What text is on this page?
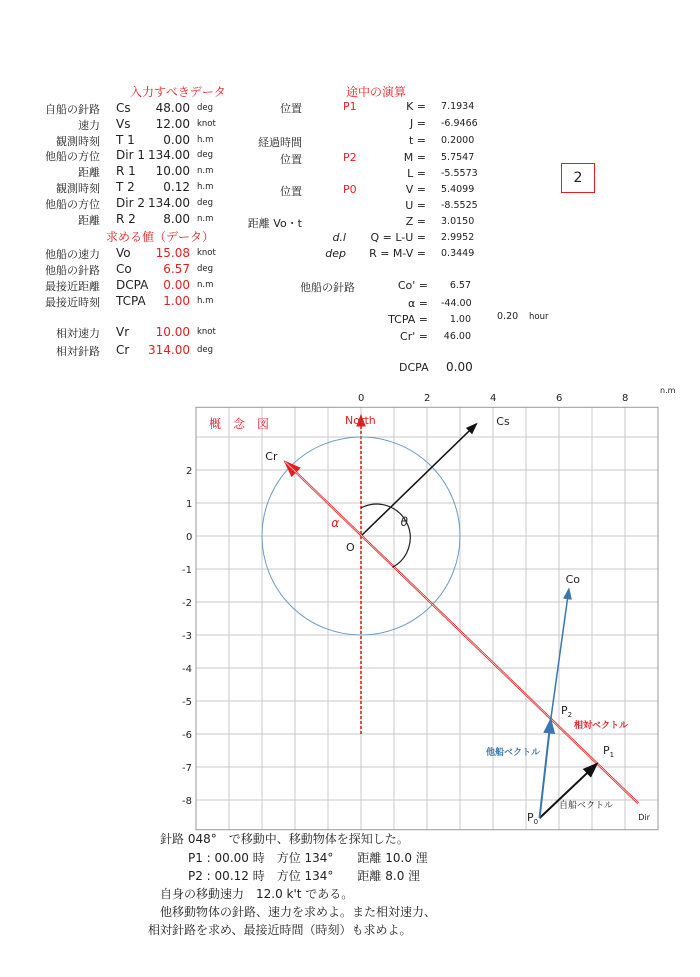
入力すべきデータ
自船の針路 Cs	48.00 deg
速力 Vs	12.00 knot
観測時刻 T 1	0.00 h.m
他船の方位 Dir 1 134.00 deg
距離 R 1	10.00 n.m
観測時刻 T 2	0.12 h.m
他船の方位 Dir 2 134.00 deg
距離 R 2	8.00 n.m
他船の速力 Vo	15.08 knot
他船の針路 Co	6.57 deg
最接近距離 DCPA	0.00 n.m
最接近時刻 TCPA	1.00 h.m
相対速力 Vr	10.00 knot
相対針路 Cr	314.00 deg
求める値（データ）
途中の演算
位置	P1	K = 7.1934
J = -6.9466
経過時間	t = 0.2000
位置	P2	M = 5.7547
L = -5.5573
位置	P0	V = 5.4099
U = -8.5525
距離 Vo・t	Z = 3.0150
d.l	Q = L-U = 2.9952
dep	R = M-V = 0.3449
他船の針路	Co' =	6.57
α = -44.00
TCPA =	1.00
Cr' = 46.00
0.20 hour
DCPA 0.00
2
0	2	4	6	8
n.m
2
1
0
-1
-2
-3
-4
-5
-6
-7
-8
概　念　図	North	Cs
Cr
Dir
θ
α
O
Co
$P_0$
$P_1$
$P_2$
相対ベクトル
他船ベクトル
自船ベクトル
針路 048°　で移動中、移動物体を探知した。
P1 : 00.00 時　方位 134°　　距離 10.0 浬
P2 : 00.12 時　方位 134°　　距離 8.0 浬
自身の移動速力　12.0 k't である。
他移動物体の針路、速力を求めよ。また相対速力、
相対針路を求め、最接近時間（時刻）も求めよ。
